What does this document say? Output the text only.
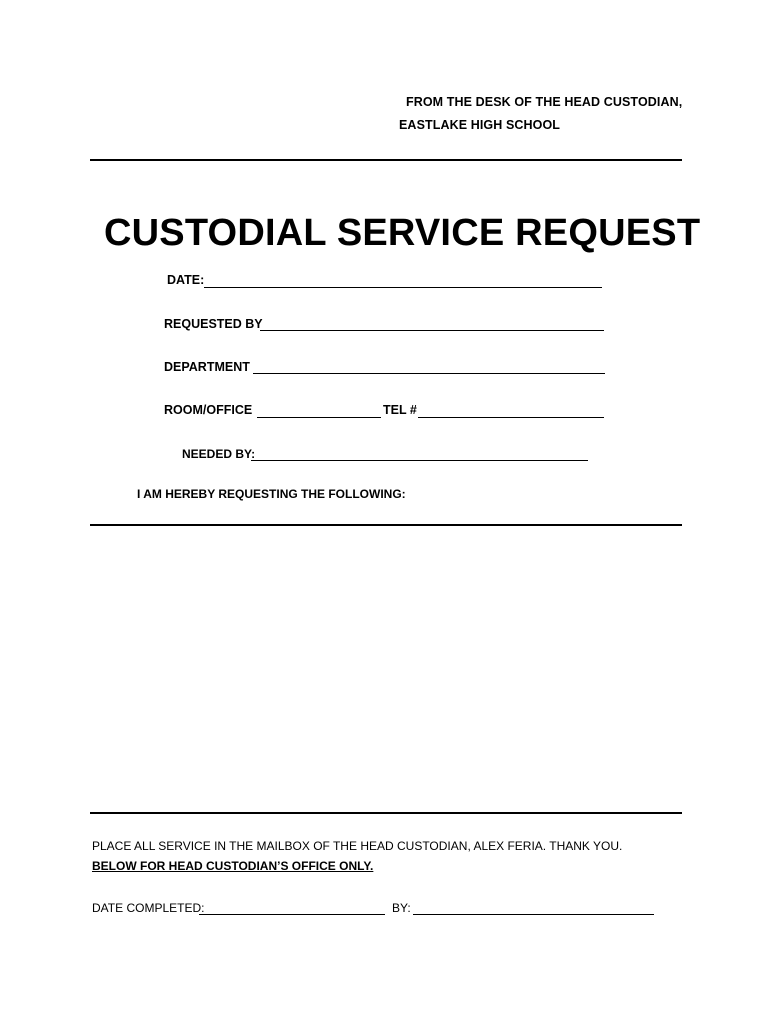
FROM THE DESK OF THE HEAD CUSTODIAN,
EASTLAKE HIGH SCHOOL
CUSTODIAL SERVICE REQUEST
DATE:
REQUESTED BY
DEPARTMENT
ROOM/OFFICE	TEL #
NEEDED BY:
I AM HEREBY REQUESTING THE FOLLOWING:
PLACE ALL SERVICE IN THE MAILBOX OF THE HEAD CUSTODIAN, ALEX FERIA. THANK YOU.
BELOW FOR HEAD CUSTODIAN’S OFFICE ONLY.
DATE COMPLETED:	BY:
